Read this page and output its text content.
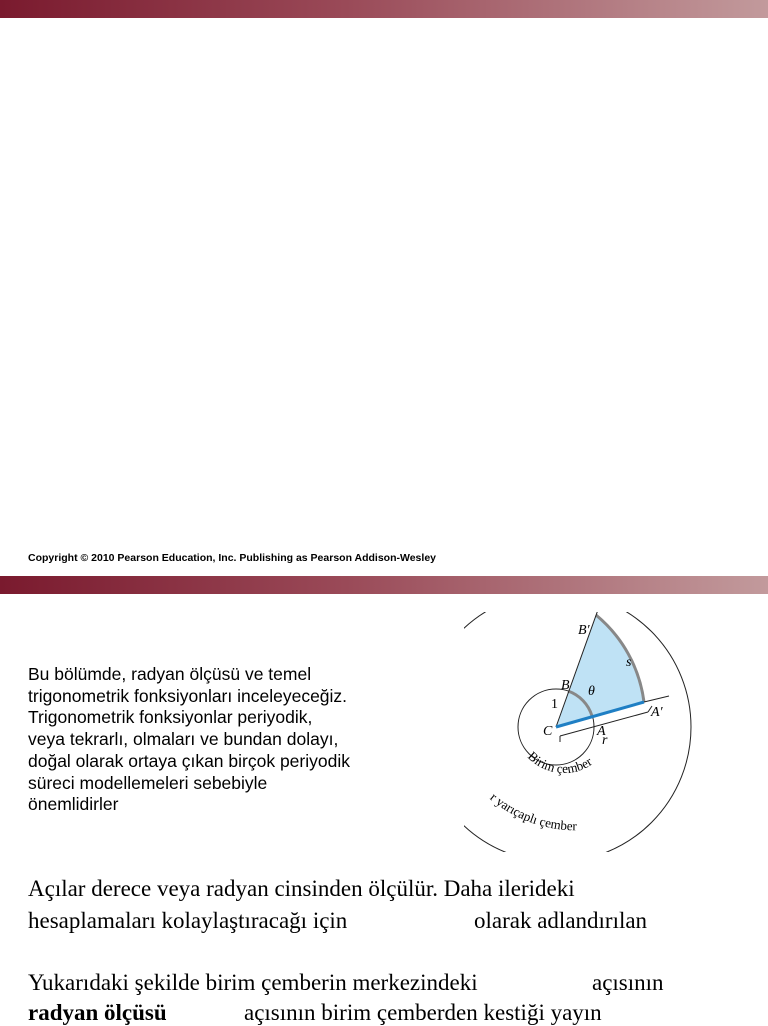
Copyright © 2010 Pearson Education, Inc. Publishing as Pearson Addison-Wesley
Bu bölümde, radyan ölçüsü ve temel
trigonometrik fonksiyonları inceleyeceğiz.
Trigonometrik fonksiyonlar periyodik,
veya tekrarlı, olmaları ve bundan dolayı,
doğal olarak ortaya çıkan birçok periyodik
süreci modellemeleri sebebiyle
önemlidirler
B′
B θ
s
1
C	A
A′
r
Birim çember
r yarıçaplı çember
Açılar derece veya radyan cinsinden ölçülür. Daha ilerideki
hesaplamaları kolaylaştıracağı için	olarak adlandırılan
Yukarıdaki şekilde birim çemberin merkezindeki	açısının
radyan ölçüsü	açısının birim çemberden kestiği yayın
